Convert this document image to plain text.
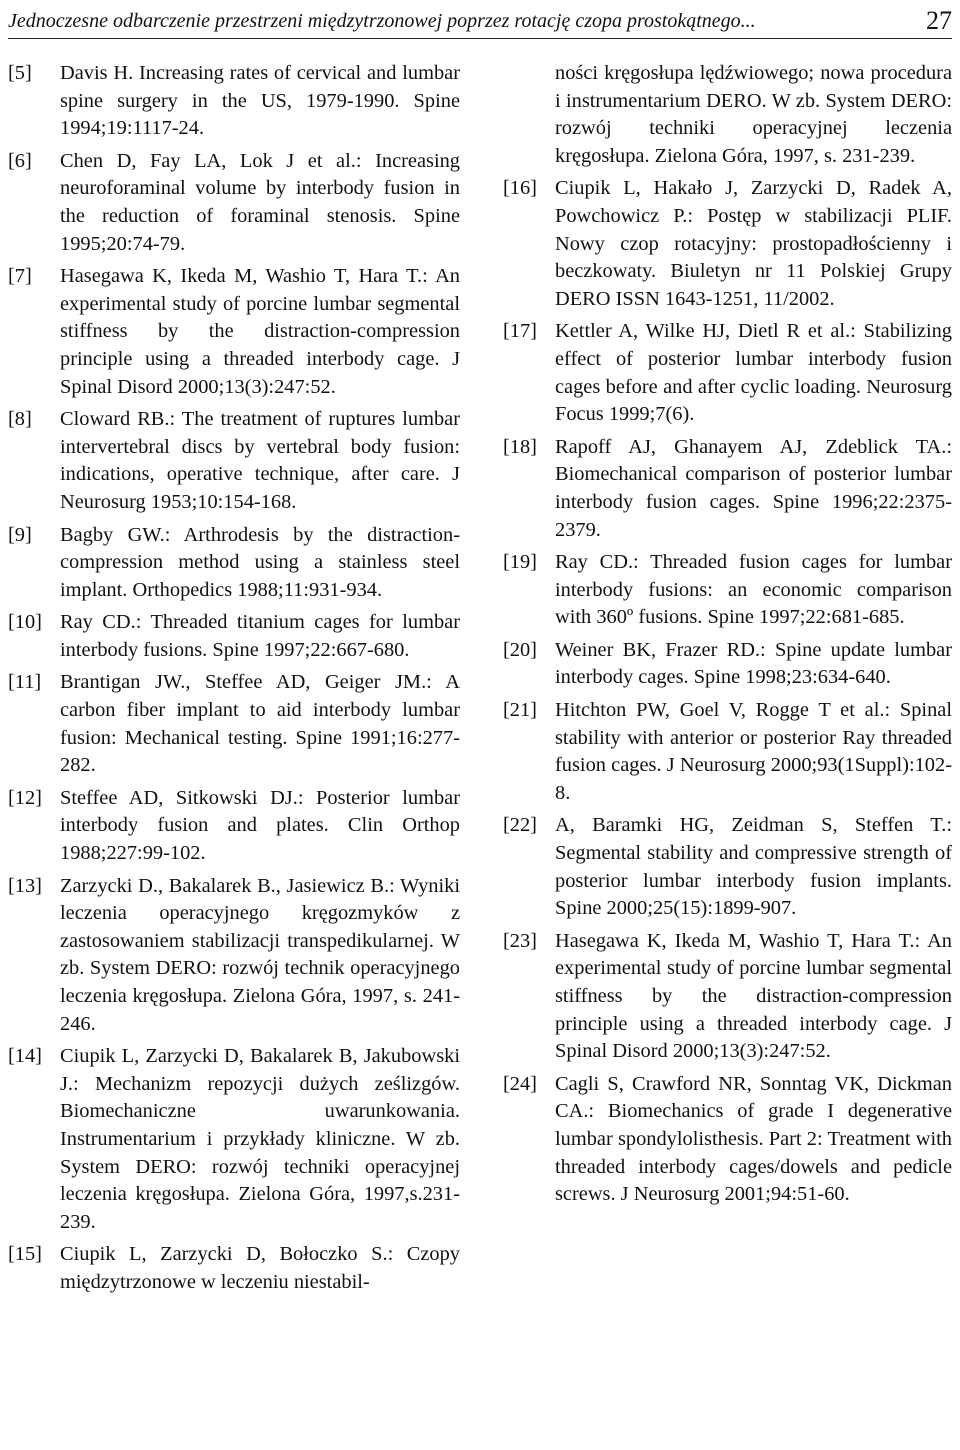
Jednoczesne odbarczenie przestrzeni międzytrzonowej poprzez rotację czopa prostokątnego...	27
[5]	Davis H. Increasing rates of cervical and lumbar spine surgery in the US, 1979-1990. Spine 1994;19:1117-24.
[6]	Chen D, Fay LA, Lok J et al.: Increasing neuroforaminal volume by interbody fusion in the reduction of foraminal stenosis. Spine 1995;20:74-79.
[7]	Hasegawa K, Ikeda M, Washio T, Hara T.: An experimental study of porcine lumbar segmental stiffness by the distraction-compression principle using a threaded interbody cage. J Spinal Disord 2000;13(3):247:52.
[8]	Cloward RB.: The treatment of ruptures lumbar intervertebral discs by vertebral body fusion: indications, operative technique, after care. J Neurosurg 1953;10:154-168.
[9]	Bagby GW.: Arthrodesis by the distraction-compression method using a stainless steel implant. Orthopedics 1988;11:931-934.
[10] Ray CD.: Threaded titanium cages for lumbar interbody fusions. Spine 1997;22:667-680.
[11] Brantigan JW., Steffee AD, Geiger JM.: A carbon fiber implant to aid interbody lumbar fusion: Mechanical testing. Spine 1991;16:277-282.
[12] Steffee AD, Sitkowski DJ.: Posterior lumbar interbody fusion and plates. Clin Orthop 1988;227:99-102.
[13] Zarzycki D., Bakalarek B., Jasiewicz B.: Wyniki leczenia operacyjnego kręgozmyków z zastosowaniem stabilizacji transpedikularnej. W zb. System DERO: rozwój technik operacyjnego leczenia kręgosłupa. Zielona Góra, 1997, s. 241-246.
[14] Ciupik L, Zarzycki D, Bakalarek B, Jakubowski J.: Mechanizm repozycji dużych ześlizgów. Biomechaniczne uwarunkowania. Instrumentarium i przykłady kliniczne. W zb. System DERO: rozwój techniki operacyjnej leczenia kręgosłupa. Zielona Góra, 1997,s.231-239.
[15] Ciupik L, Zarzycki D, Bołoczko S.: Czopy międzytrzonowe w leczeniu niestabil-
ności kręgosłupa lędźwiowego; nowa procedura i instrumentarium DERO. W zb. System DERO: rozwój techniki operacyjnej leczenia kręgosłupa. Zielona Góra, 1997, s. 231-239.
[16] Ciupik L, Hakało J, Zarzycki D, Radek A, Powchowicz P.: Postęp w stabilizacji PLIF. Nowy czop rotacyjny: prostopadłościenny i beczkowaty. Biuletyn nr 11 Polskiej Grupy DERO ISSN 1643-1251, 11/2002.
[17] Kettler A, Wilke HJ, Dietl R et al.: Stabilizing effect of posterior lumbar interbody fusion cages before and after cyclic loading. Neurosurg Focus 1999;7(6).
[18] Rapoff AJ, Ghanayem AJ, Zdeblick TA.: Biomechanical comparison of posterior lumbar interbody fusion cages. Spine 1996;22:2375-2379.
[19] Ray CD.: Threaded fusion cages for lumbar interbody fusions: an economic comparison with 360º fusions. Spine 1997;22:681-685.
[20] Weiner BK, Frazer RD.: Spine update lumbar interbody cages. Spine 1998;23:634-640.
[21] Hitchton PW, Goel V, Rogge T et al.: Spinal stability with anterior or posterior Ray threaded fusion cages. J Neurosurg 2000;93(1Suppl):102-8.
[22] A, Baramki HG, Zeidman S, Steffen T.: Segmental stability and compressive strength of posterior lumbar interbody fusion implants. Spine 2000;25(15):1899-907.
[23] Hasegawa K, Ikeda M, Washio T, Hara T.: An experimental study of porcine lumbar segmental stiffness by the distraction-compression principle using a threaded interbody cage. J Spinal Disord 2000;13(3):247:52.
[24] Cagli S, Crawford NR, Sonntag VK, Dickman CA.: Biomechanics of grade I degenerative lumbar spondylolisthesis. Part 2: Treatment with threaded interbody cages/dowels and pedicle screws. J Neurosurg 2001;94:51-60.
